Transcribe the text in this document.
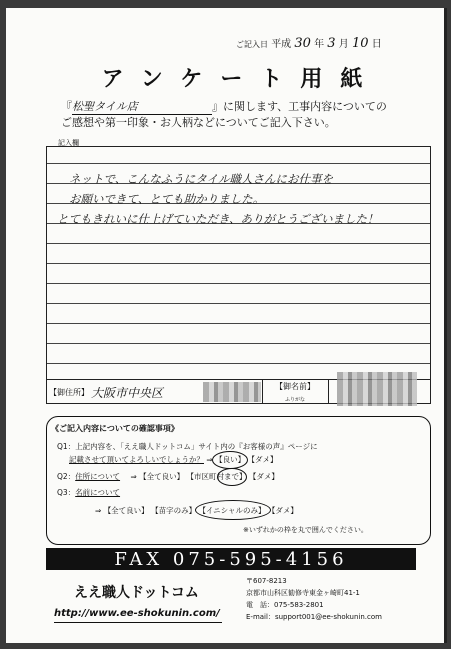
ご記入日 平成 30 年 3 月 10 日
アンケート用紙
『松聖タイル店	』に関します、工事内容についての
ご感想や第一印象・お人柄などについてご記入下さい。
記入欄
ネットで、こんなふうにタイル職人さんにお仕事を
お願いできて、とても助かりました。
とてもきれいに仕上げていただき、ありがとうございました！
【御住所】 大阪市中央区	【御名前】
ふりがな
《ご記入内容についての確認事項》
Q1：上記内容を、「ええ職人ドットコム」サイト内の『お客様の声』ページに
記載させて頂いてよろしいでしょうか？ ⇒ 【良い】 【ダメ】
Q2：住所について ⇒ 【全て良い】 【市区町村まで】 【ダメ】
Q3：名前について
⇒ 【全て良い】 【苗字のみ】 【イニシャルのみ】 【ダメ】
※いずれかの枠を丸で囲んでください。
FAX 075-595-4156
ええ職人ドットコム
http://www.ee-shokunin.com/
〒607-8213
京都市山科区勧修寺東金ヶ崎町41-1
電　話：075-583-2801
E-mail：support001@ee-shokunin.com
